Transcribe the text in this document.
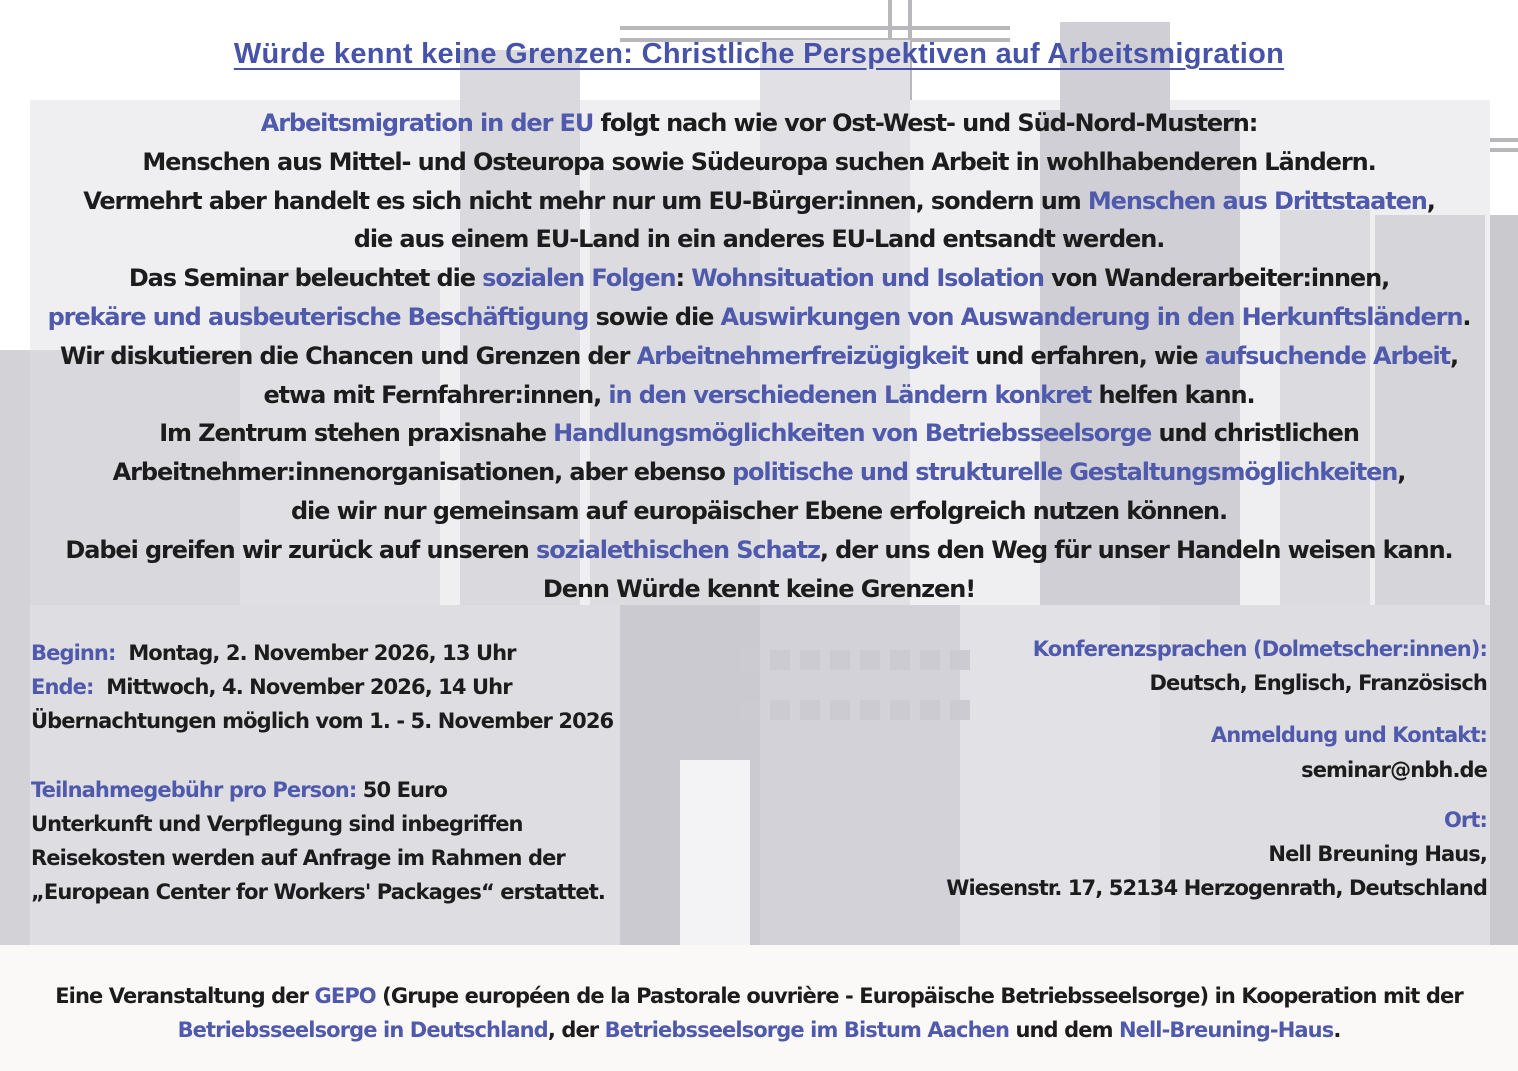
Würde kennt keine Grenzen: Christliche Perspektiven auf Arbeitsmigration

Arbeitsmigration in der EU folgt nach wie vor Ost-West- und Süd-Nord-Mustern:
Menschen aus Mittel- und Osteuropa sowie Südeuropa suchen Arbeit in wohlhabenderen Ländern.
Vermehrt aber handelt es sich nicht mehr nur um EU-Bürger:innen, sondern um Menschen aus Drittstaaten,
die aus einem EU-Land in ein anderes EU-Land entsandt werden.
Das Seminar beleuchtet die sozialen Folgen: Wohnsituation und Isolation von Wanderarbeiter:innen,
prekäre und ausbeuterische Beschäftigung sowie die Auswirkungen von Auswanderung in den Herkunftsländern.
Wir diskutieren die Chancen und Grenzen der Arbeitnehmerfreizügigkeit und erfahren, wie aufsuchende Arbeit,
etwa mit Fernfahrer:innen, in den verschiedenen Ländern konkret helfen kann.
Im Zentrum stehen praxisnahe Handlungsmöglichkeiten von Betriebsseelsorge und christlichen
Arbeitnehmer:innenorganisationen, aber ebenso politische und strukturelle Gestaltungsmöglichkeiten,
die wir nur gemeinsam auf europäischer Ebene erfolgreich nutzen können.
Dabei greifen wir zurück auf unseren sozialethischen Schatz, der uns den Weg für unser Handeln weisen kann.
Denn Würde kennt keine Grenzen!

Beginn: Montag, 2. November 2026, 13 Uhr
Ende: Mittwoch, 4. November 2026, 14 Uhr
Übernachtungen möglich vom 1. - 5. November 2026
Teilnahmegebühr pro Person: 50 Euro
Unterkunft und Verpflegung sind inbegriffen
Reisekosten werden auf Anfrage im Rahmen der
„European Center for Workers' Packages“ erstattet.
Konferenzsprachen (Dolmetscher:innen):
Deutsch, Englisch, Französisch
Anmeldung und Kontakt:
seminar@nbh.de
Ort:
Nell Breuning Haus,
Wiesenstr. 17, 52134 Herzogenrath, Deutschland
Eine Veranstaltung der GEPO (Grupe européen de la Pastorale ouvrière - Europäische Betriebsseelsorge) in Kooperation mit der
Betriebsseelsorge in Deutschland, der Betriebsseelsorge im Bistum Aachen und dem Nell-Breuning-Haus.
